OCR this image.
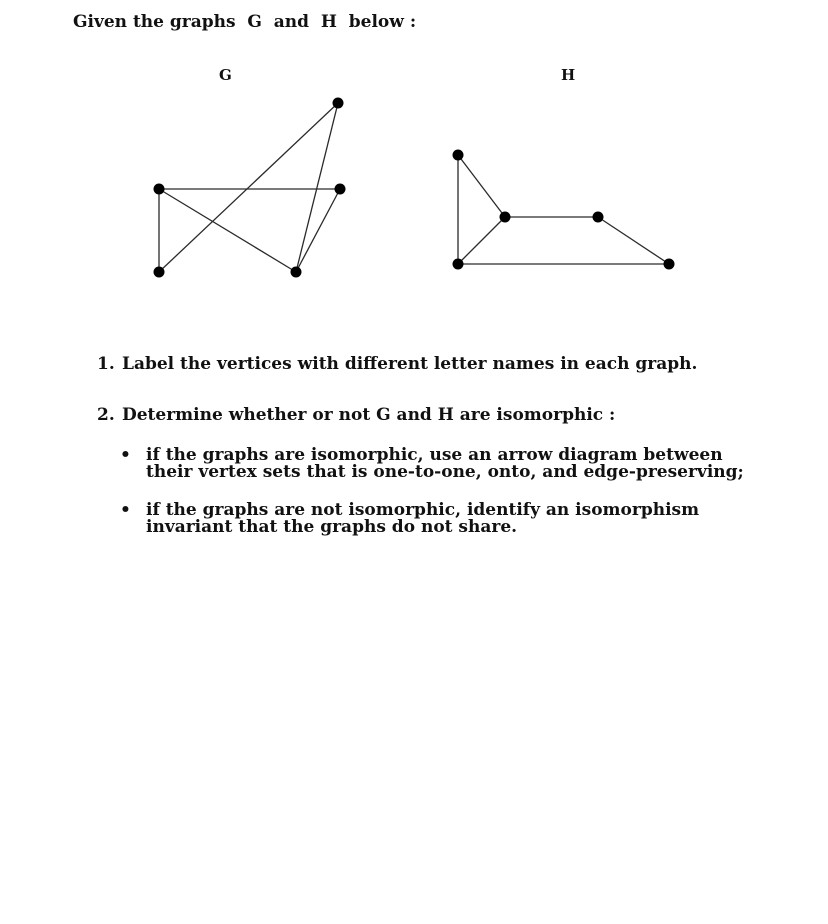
Given the graphs  G  and  H  below :
G	H
1. Label the vertices with different letter names in each graph.
2. Determine whether or not G and H are isomorphic :
• if the graphs are isomorphic, use an arrow diagram between their vertex sets that is one-to-one, onto, and edge-preserving;
• if the graphs are not isomorphic, identify an isomorphism invariant that the graphs do not share.
